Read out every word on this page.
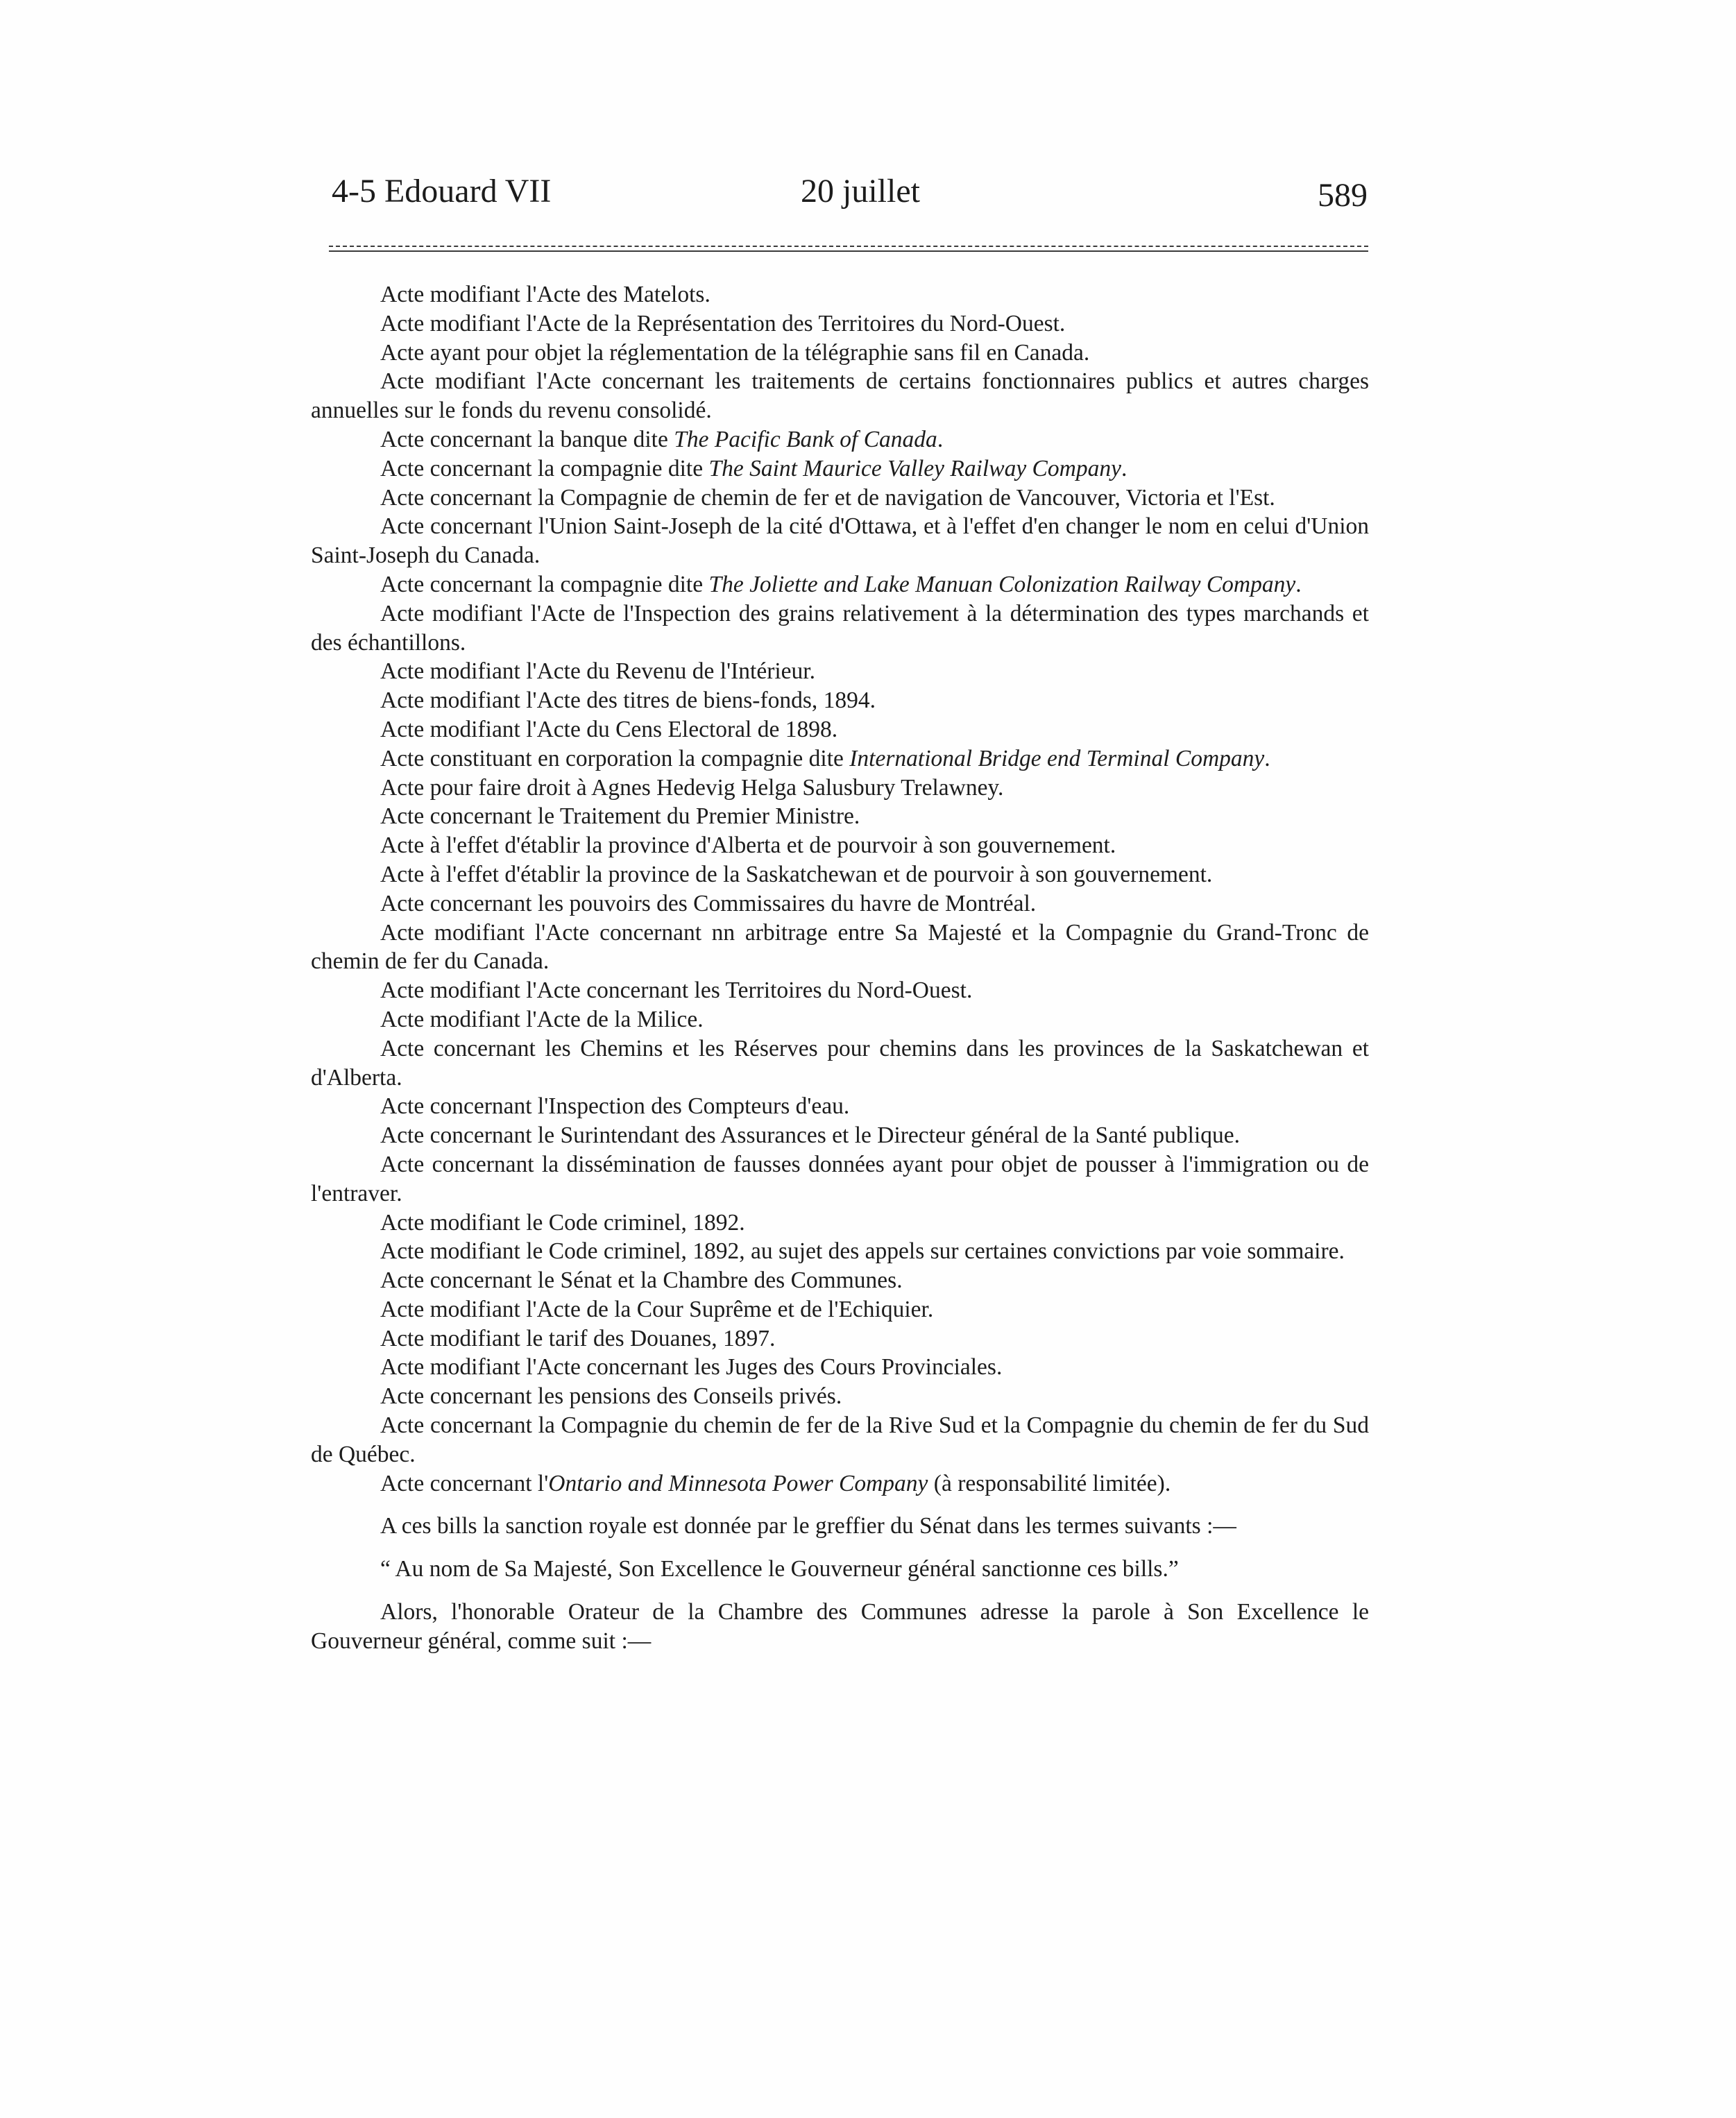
4-5 Edouard VII	20 juillet	589

Acte modifiant l'Acte des Matelots.

Acte modifiant l'Acte de la Représentation des Territoires du Nord-Ouest.

Acte ayant pour objet la réglementation de la télégraphie sans fil en Canada.

Acte modifiant l'Acte concernant les traitements de certains fonctionnaires publics et autres charges annuelles sur le fonds du revenu consolidé.

Acte concernant la banque dite The Pacific Bank of Canada.

Acte concernant la compagnie dite The Saint Maurice Valley Railway Company.

Acte concernant la Compagnie de chemin de fer et de navigation de Vancouver, Victoria et l'Est.

Acte concernant l'Union Saint-Joseph de la cité d'Ottawa, et à l'effet d'en changer le nom en celui d'Union Saint-Joseph du Canada.

Acte concernant la compagnie dite The Joliette and Lake Manuan Colonization Railway Company.

Acte modifiant l'Acte de l'Inspection des grains relativement à la détermination des types marchands et des échantillons.

Acte modifiant l'Acte du Revenu de l'Intérieur.

Acte modifiant l'Acte des titres de biens-fonds, 1894.

Acte modifiant l'Acte du Cens Electoral de 1898.

Acte constituant en corporation la compagnie dite International Bridge end Terminal Company.

Acte pour faire droit à Agnes Hedevig Helga Salusbury Trelawney.

Acte concernant le Traitement du Premier Ministre.

Acte à l'effet d'établir la province d'Alberta et de pourvoir à son gouvernement.

Acte à l'effet d'établir la province de la Saskatchewan et de pourvoir à son gouvernement.

Acte concernant les pouvoirs des Commissaires du havre de Montréal.

Acte modifiant l'Acte concernant nn arbitrage entre Sa Majesté et la Compagnie du Grand-Tronc de chemin de fer du Canada.

Acte modifiant l'Acte concernant les Territoires du Nord-Ouest.

Acte modifiant l'Acte de la Milice.

Acte concernant les Chemins et les Réserves pour chemins dans les provinces de la Saskatchewan et d'Alberta.

Acte concernant l'Inspection des Compteurs d'eau.

Acte concernant le Surintendant des Assurances et le Directeur général de la Santé publique.

Acte concernant la dissémination de fausses données ayant pour objet de pousser à l'immigration ou de l'entraver.

Acte modifiant le Code criminel, 1892.

Acte modifiant le Code criminel, 1892, au sujet des appels sur certaines convictions par voie sommaire.

Acte concernant le Sénat et la Chambre des Communes.

Acte modifiant l'Acte de la Cour Suprême et de l'Echiquier.

Acte modifiant le tarif des Douanes, 1897.

Acte modifiant l'Acte concernant les Juges des Cours Provinciales.

Acte concernant les pensions des Conseils privés.

Acte concernant la Compagnie du chemin de fer de la Rive Sud et la Compagnie du chemin de fer du Sud de Québec.

Acte concernant l'Ontario and Minnesota Power Company (à responsabilité limitée).

A ces bills la sanction royale est donnée par le greffier du Sénat dans les termes suivants :—

“ Au nom de Sa Majesté, Son Excellence le Gouverneur général sanctionne ces bills.”

Alors, l'honorable Orateur de la Chambre des Communes adresse la parole à Son Excellence le Gouverneur général, comme suit :—
